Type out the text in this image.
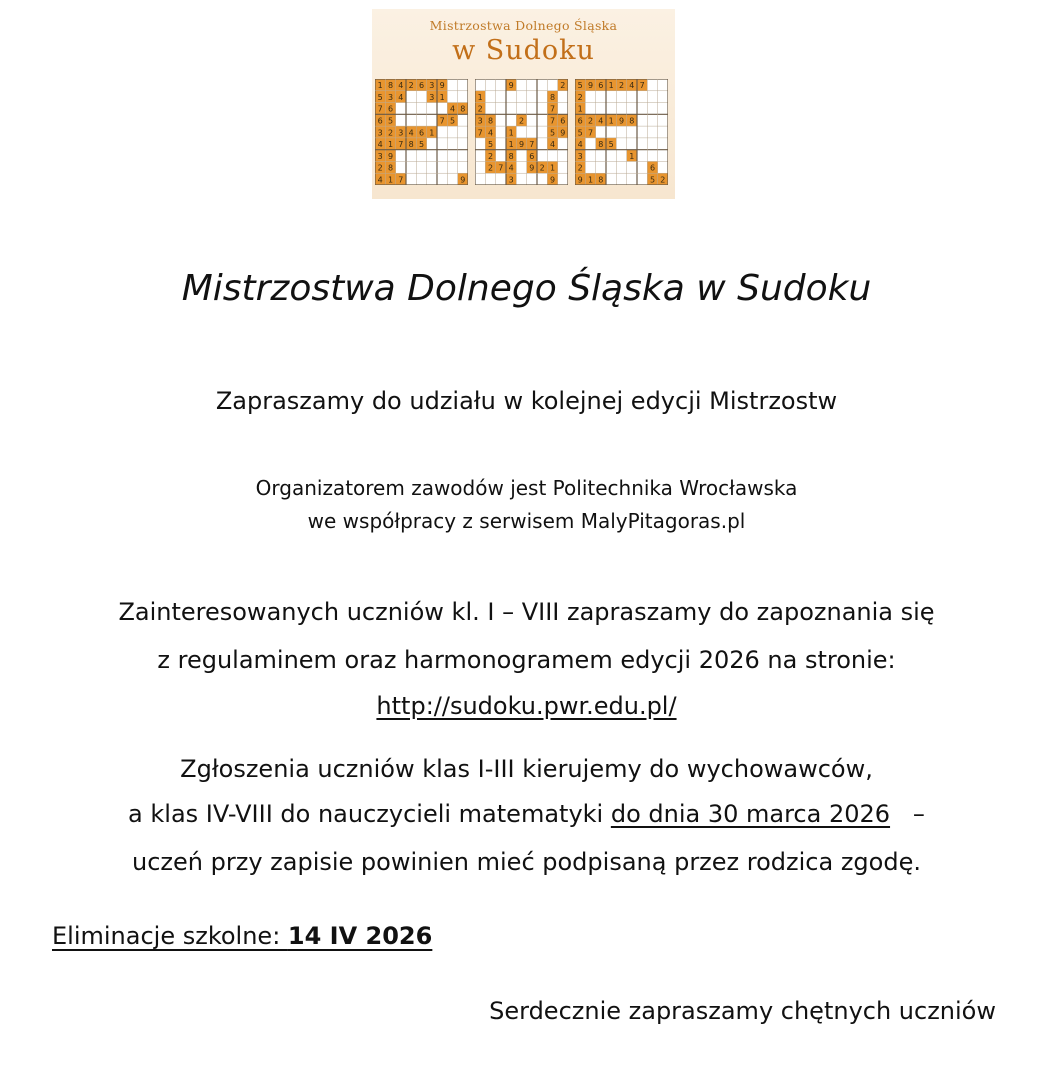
Mistrzostwa Dolnego Śląska
w Sudoku
1 8 4 2 6 3 9
5 3 4	3 1
7 6	4 8
6 5	7 5
3 2 3 4 6 1
4 1 7 8 5
3 9
2 8
4 1 7	9
9	2
1	8
2	7
3 8	2	7 6
7 4 1	5 9
5 1 9 7 4
2 8 6
2 7 4 9 2 1
3	9
5 9 6 1 2 4 7
2
1
6 2 4 1 9 8
5 7
4 8 5
3	1
2	6
9 1 8	5 2
Mistrzostwa Dolnego Śląska w Sudoku
Zapraszamy do udziału w kolejnej edycji Mistrzostw
Organizatorem zawodów jest Politechnika Wrocławska
we współpracy z serwisem MalyPitagoras.pl
Zainteresowanych uczniów kl. I – VIII zapraszamy do zapoznania się
z regulaminem oraz harmonogramem edycji 2026 na stronie:
http://sudoku.pwr.edu.pl/
Zgłoszenia uczniów klas I-III kierujemy do wychowawców,
a klas IV-VIII do nauczycieli matematyki do dnia 30 marca 2026   –
uczeń przy zapisie powinien mieć podpisaną przez rodzica zgodę.
Eliminacje szkolne: 14 IV 2026
Serdecznie zapraszamy chętnych uczniów
